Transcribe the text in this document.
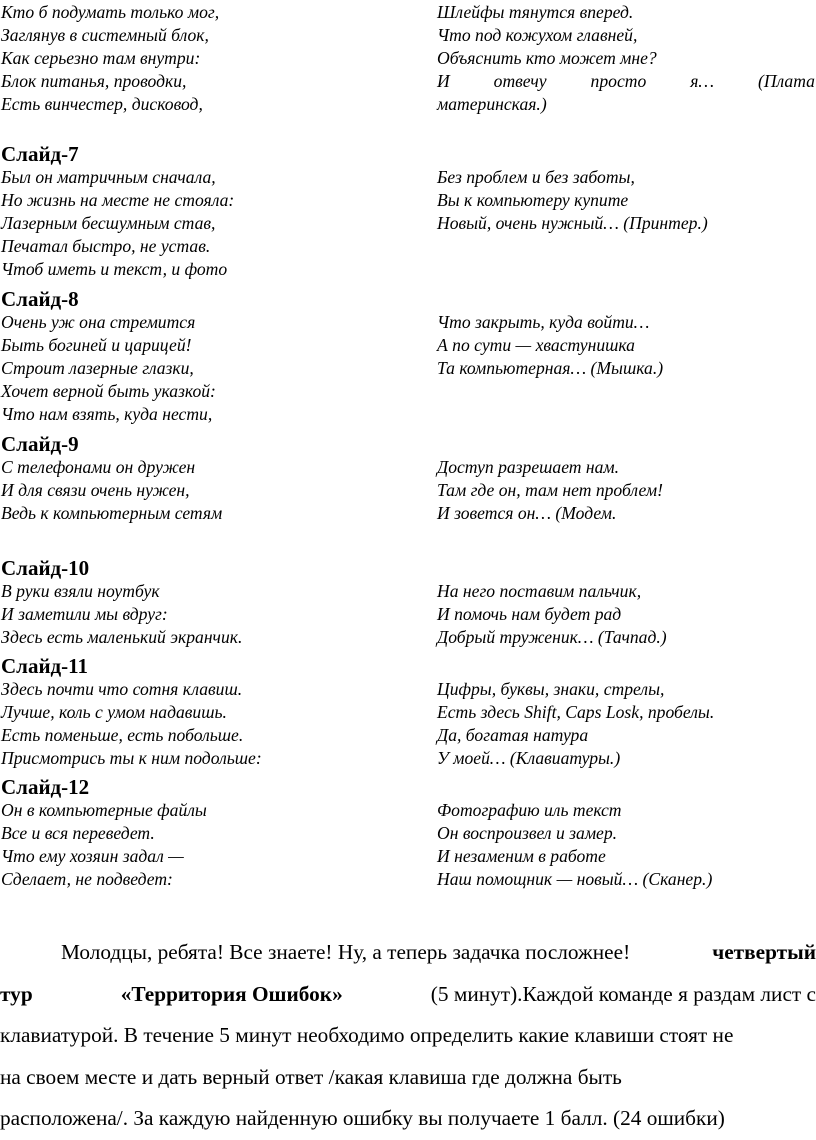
Кто б подумать только мог,
Заглянув в системный блок,
Как серьезно там внутри:
Блок питанья, проводки,
Есть винчестер, дисковод,
Шлейфы тянутся вперед.
Что под кожухом главней,
Объяснить кто может мне?
И отвечу просто я… (Плата
материнская.)
Слайд-7
Был он матричным сначала,
Но жизнь на месте не стояла:
Лазерным бесшумным став,
Печатал быстро, не устав.
Чтоб иметь и текст, и фото
Без проблем и без заботы,
Вы к компьютеру купите
Новый, очень нужный… (Принтер.)
Слайд-8
Очень уж она стремится
Быть богиней и царицей!
Строит лазерные глазки,
Хочет верной быть указкой:
Что нам взять, куда нести,
Что закрыть, куда войти…
А по сути — хвастунишка
Та компьютерная… (Мышка.)
Слайд-9
С телефонами он дружен
И для связи очень нужен,
Ведь к компьютерным сетям
Доступ разрешает нам.
Там где он, там нет проблем!
И зовется он… (Модем.
Слайд-10
В руки взяли ноутбук
И заметили мы вдруг:
Здесь есть маленький экранчик.
На него поставим пальчик,
И помочь нам будет рад
Добрый труженик… (Тачпад.)
Слайд-11
Здесь почти что сотня клавиш.
Лучше, коль с умом надавишь.
Есть поменьше, есть побольше.
Присмотрись ты к ним подольше:
Цифры, буквы, знаки, стрелы,
Есть здесь Shift, Caps Losk, пробелы.
Да, богатая натура
У моей… (Клавиатуры.)
Слайд-12
Он в компьютерные файлы
Все и вся переведет.
Что ему хозяин задал —
Сделает, не подведет:
Фотографию иль текст
Он воспроизвел и замер.
И незаменим в работе
Наш помощник — новый… (Сканер.)
Молодцы, ребята! Все знаете! Ну, а теперь задачка посложнее!	четвертый
тур	«Территория Ошибок»	(5 минут).Каждой команде я раздам лист с
клавиатурой. В течение 5 минут необходимо определить какие клавиши стоят не
на своем месте и дать верный ответ /какая клавиша где должна быть
расположена/. За каждую найденную ошибку вы получаете 1 балл. (24 ошибки)
